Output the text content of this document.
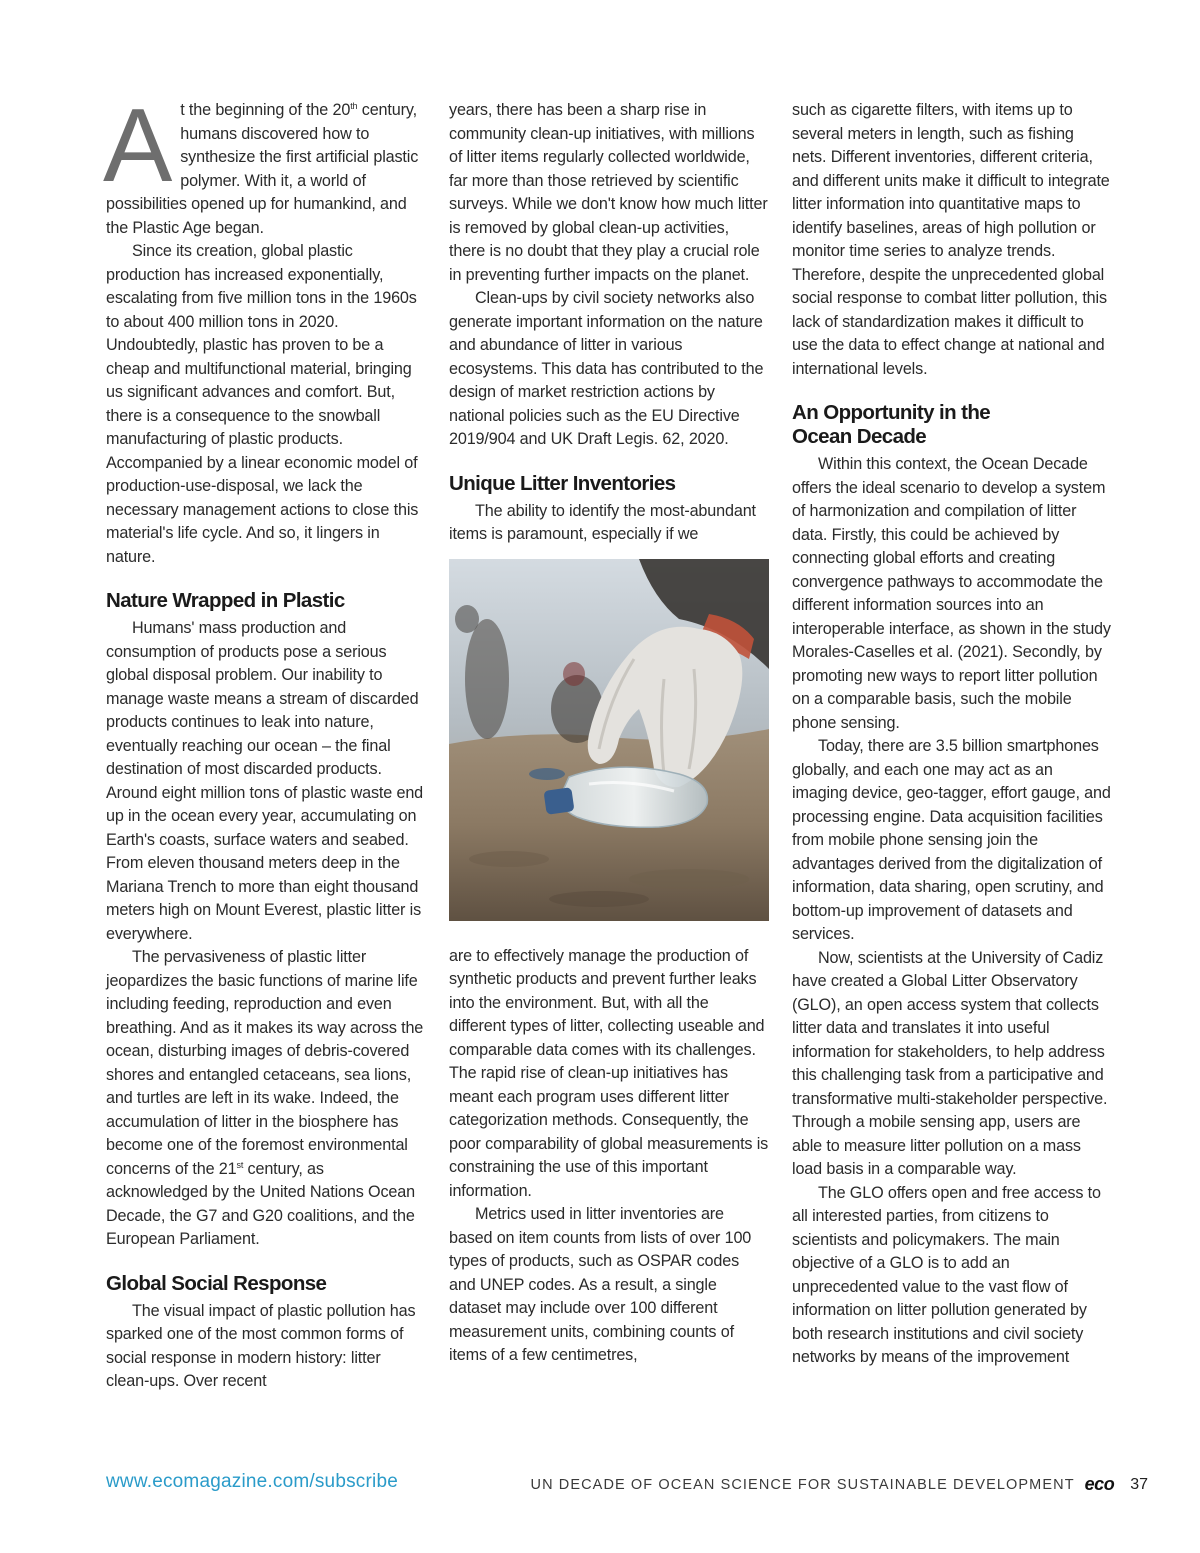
At the beginning of the 20th century, humans discovered how to synthesize the first artificial plastic polymer. With it, a world of possibilities opened up for humankind, and the Plastic Age began.

Since its creation, global plastic production has increased exponentially, escalating from five million tons in the 1960s to about 400 million tons in 2020. Undoubtedly, plastic has proven to be a cheap and multifunctional material, bringing us significant advances and comfort. But, there is a consequence to the snowball manufacturing of plastic products. Accompanied by a linear economic model of production-use-disposal, we lack the necessary management actions to close this material's life cycle. And so, it lingers in nature.

Nature Wrapped in Plastic

Humans' mass production and consumption of products pose a serious global disposal problem. Our inability to manage waste means a stream of discarded products continues to leak into nature, eventually reaching our ocean – the final destination of most discarded products. Around eight million tons of plastic waste end up in the ocean every year, accumulating on Earth's coasts, surface waters and seabed. From eleven thousand meters deep in the Mariana Trench to more than eight thousand meters high on Mount Everest, plastic litter is everywhere.

The pervasiveness of plastic litter jeopardizes the basic functions of marine life including feeding, reproduction and even breathing. And as it makes its way across the ocean, disturbing images of debris-covered shores and entangled cetaceans, sea lions, and turtles are left in its wake. Indeed, the accumulation of litter in the biosphere has become one of the foremost environmental concerns of the 21st century, as acknowledged by the United Nations Ocean Decade, the G7 and G20 coalitions, and the European Parliament.

Global Social Response

The visual impact of plastic pollution has sparked one of the most common forms of social response in modern history: litter clean-ups. Over recent

years, there has been a sharp rise in community clean-up initiatives, with millions of litter items regularly collected worldwide, far more than those retrieved by scientific surveys. While we don't know how much litter is removed by global clean-up activities, there is no doubt that they play a crucial role in preventing further impacts on the planet.

Clean-ups by civil society networks also generate important information on the nature and abundance of litter in various ecosystems. This data has contributed to the design of market restriction actions by national policies such as the EU Directive 2019/904 and UK Draft Legis. 62, 2020.

Unique Litter Inventories

The ability to identify the most-abundant items is paramount, especially if we

are to effectively manage the production of synthetic products and prevent further leaks into the environment. But, with all the different types of litter, collecting useable and comparable data comes with its challenges. The rapid rise of clean-up initiatives has meant each program uses different litter categorization methods. Consequently, the poor comparability of global measurements is constraining the use of this important information.

Metrics used in litter inventories are based on item counts from lists of over 100 types of products, such as OSPAR codes and UNEP codes. As a result, a single dataset may include over 100 different measurement units, combining counts of items of a few centimetres,

such as cigarette filters, with items up to several meters in length, such as fishing nets. Different inventories, different criteria, and different units make it difficult to integrate litter information into quantitative maps to identify baselines, areas of high pollution or monitor time series to analyze trends. Therefore, despite the unprecedented global social response to combat litter pollution, this lack of standardization makes it difficult to use the data to effect change at national and international levels.

An Opportunity in the
Ocean Decade

Within this context, the Ocean Decade offers the ideal scenario to develop a system of harmonization and compilation of litter data. Firstly, this could be achieved by connecting global efforts and creating convergence pathways to accommodate the different information sources into an interoperable interface, as shown in the study Morales-Caselles et al. (2021). Secondly, by promoting new ways to report litter pollution on a comparable basis, such the mobile phone sensing.

Today, there are 3.5 billion smartphones globally, and each one may act as an imaging device, geo-tagger, effort gauge, and processing engine. Data acquisition facilities from mobile phone sensing join the advantages derived from the digitalization of information, data sharing, open scrutiny, and bottom-up improvement of datasets and services.

Now, scientists at the University of Cadiz have created a Global Litter Observatory (GLO), an open access system that collects litter data and translates it into useful information for stakeholders, to help address this challenging task from a participative and transformative multi-stakeholder perspective. Through a mobile sensing app, users are able to measure litter pollution on a mass load basis in a comparable way.

The GLO offers open and free access to all interested parties, from citizens to scientists and policymakers. The main objective of a GLO is to add an unprecedented value to the vast flow of information on litter pollution generated by both research institutions and civil society networks by means of the improvement

www.ecomagazine.com/subscribe	UN DECADE OF OCEAN SCIENCE FOR SUSTAINABLE DEVELOPMENT eco 37
